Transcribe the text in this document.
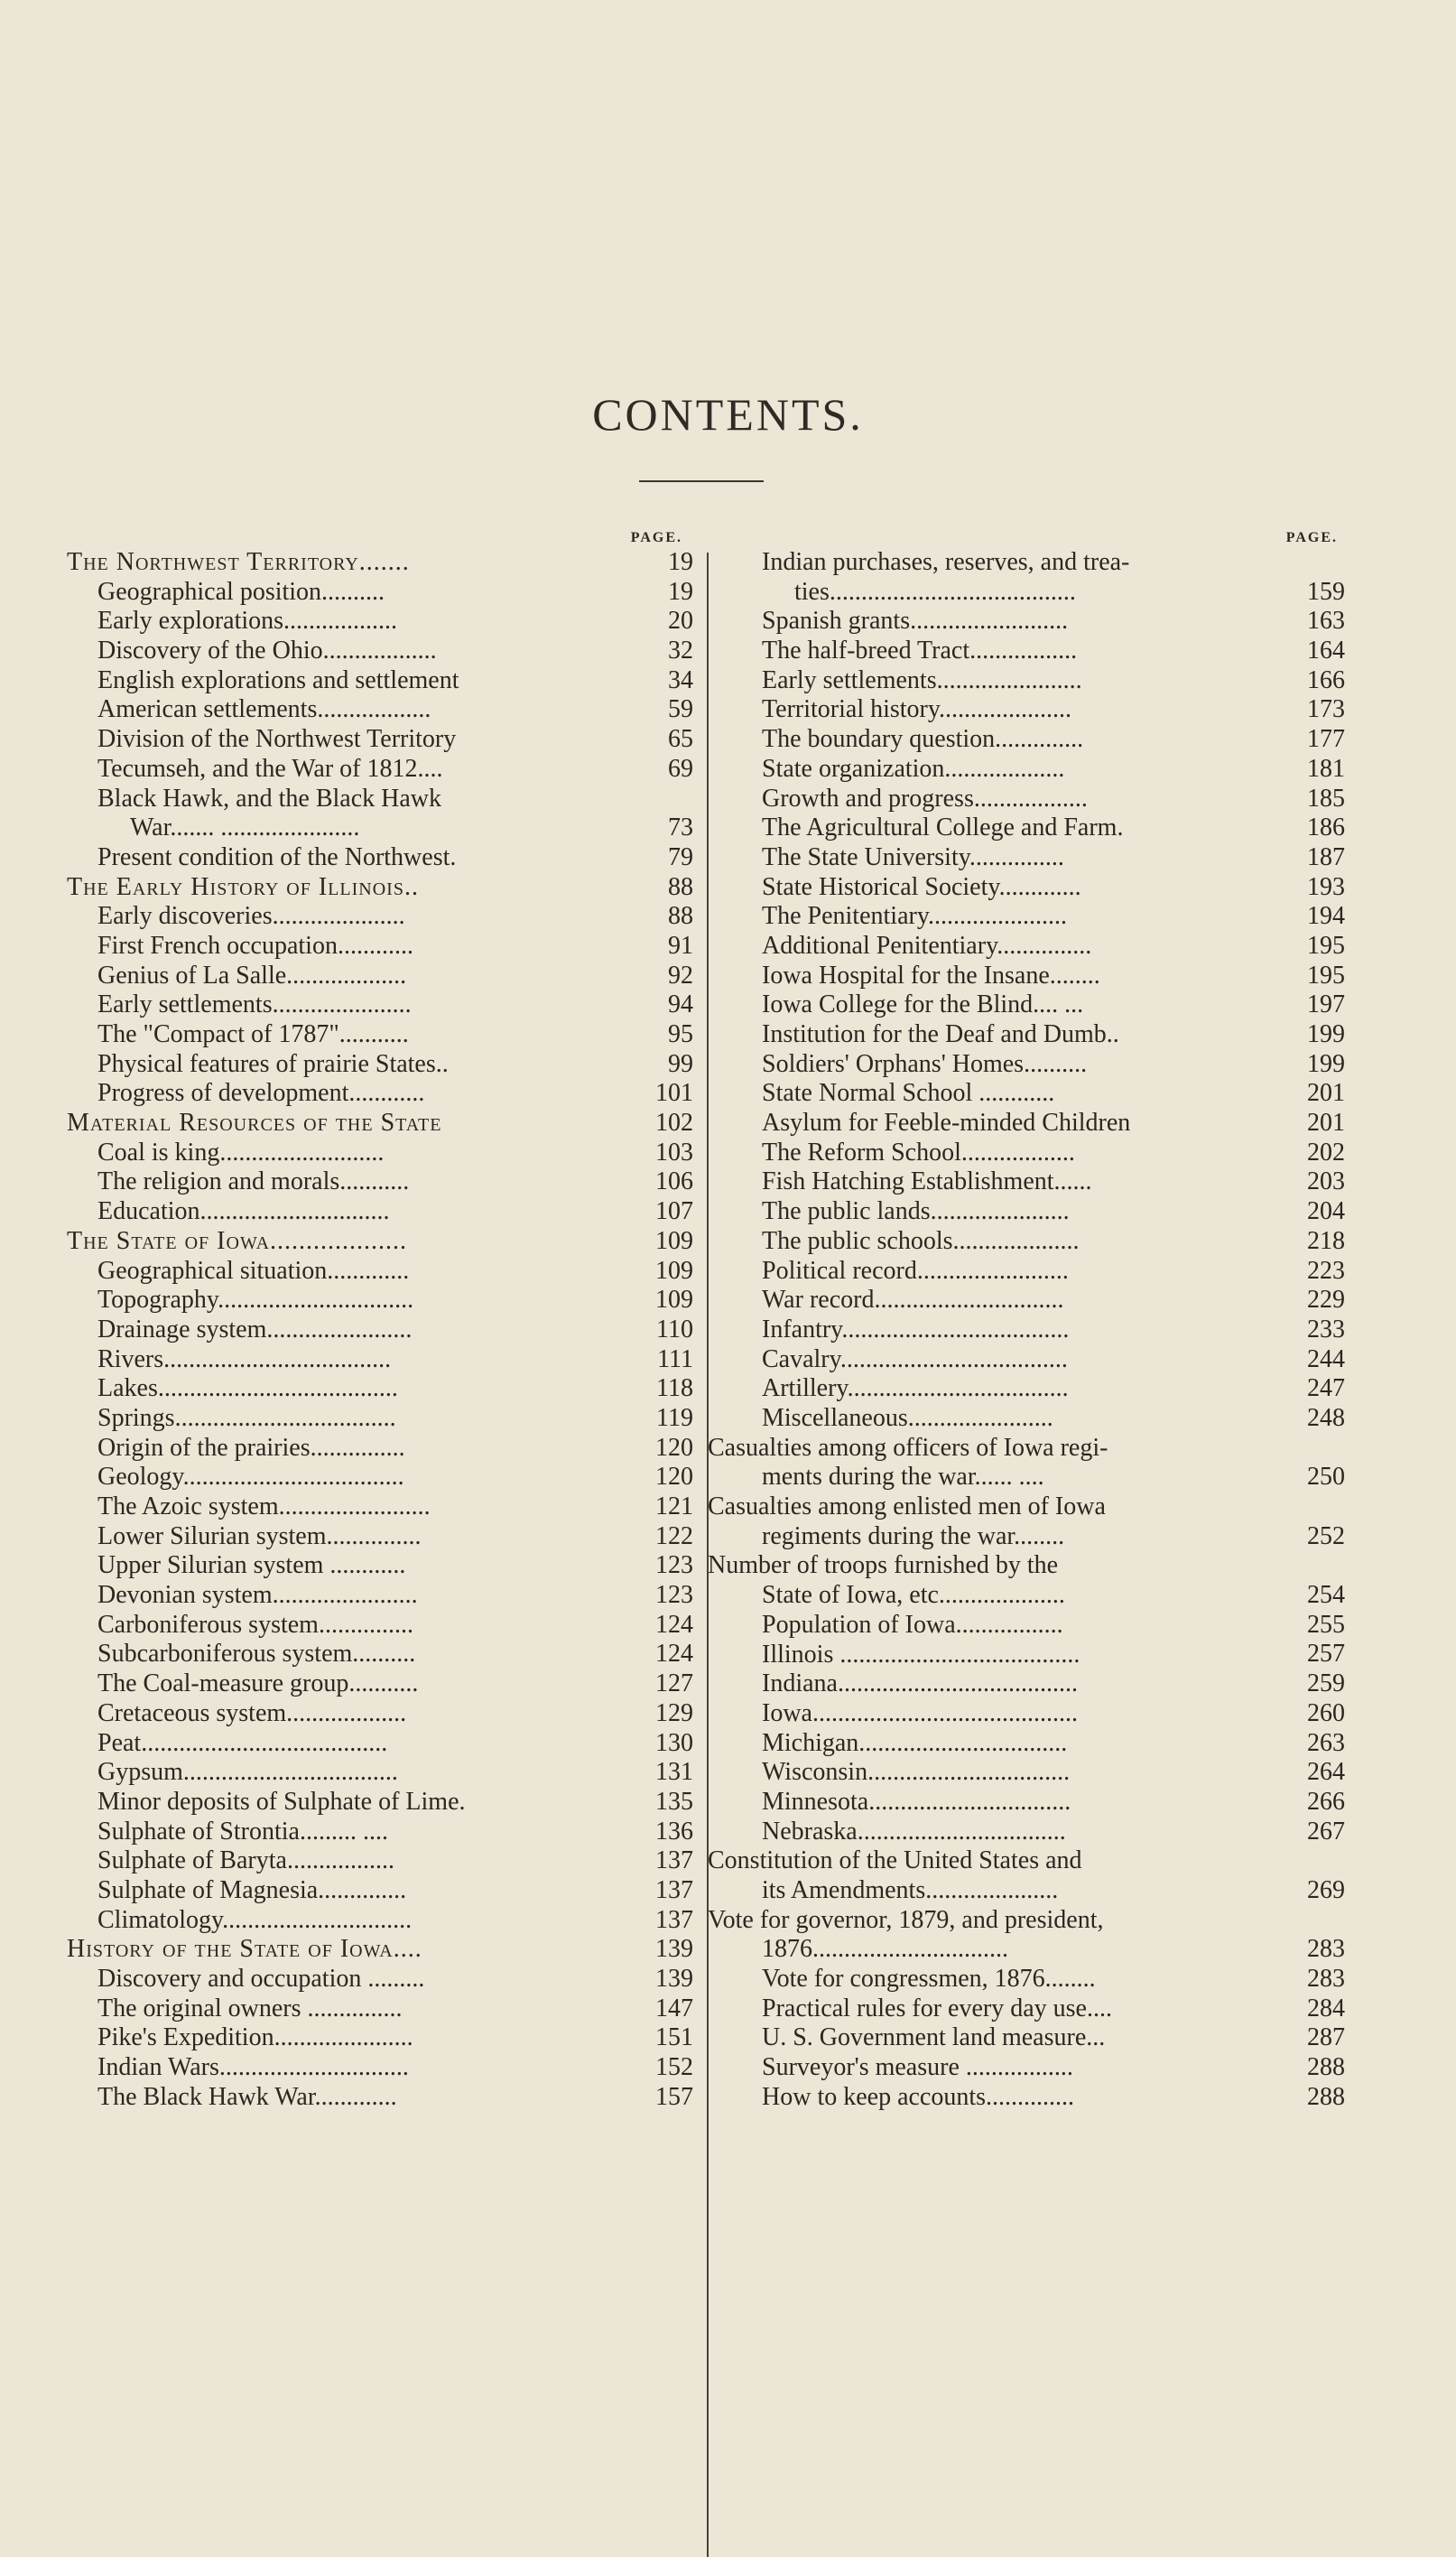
CONTENTS.
PAGE.
The Northwest Territory.......	19
Geographical position..........	19
Early explorations..................	20
Discovery of the Ohio..................	32
English explorations and settlement	34
American settlements..................	59
Division of the Northwest Territory	65
Tecumseh, and the War of 1812....	69
Black Hawk, and the Black Hawk
War....... ......................	73
Present condition of the Northwest.	79
The Early History of Illinois..	88
Early discoveries.....................	88
First French occupation............	91
Genius of La Salle...................	92
Early settlements......................	94
The "Compact of 1787"...........	95
Physical features of prairie States..	99
Progress of development............	101
Material Resources of the State	102
Coal is king..........................	103
The religion and morals...........	106
Education..............................	107
The State of Iowa...................	109
Geographical situation.............	109
Topography...............................	109
Drainage system.......................	110
Rivers....................................	111
Lakes......................................	118
Springs...................................	119
Origin of the prairies...............	120
Geology...................................	120
The Azoic system........................	121
Lower Silurian system...............	122
Upper Silurian system ............	123
Devonian system.......................	123
Carboniferous system...............	124
Subcarboniferous system..........	124
The Coal-measure group...........	127
Cretaceous system...................	129
Peat.......................................	130
Gypsum..................................	131
Minor deposits of Sulphate of Lime.	135
Sulphate of Strontia......... ....	136
Sulphate of Baryta.................	137
Sulphate of Magnesia..............	137
Climatology..............................	137
History of the State of Iowa....	139
Discovery and occupation .........	139
The original owners ...............	147
Pike's Expedition......................	151
Indian Wars..............................	152
The Black Hawk War.............	157
PAGE.
Indian purchases, reserves, and trea-
ties.......................................	159
Spanish grants.........................	163
The half-breed Tract.................	164
Early settlements.......................	166
Territorial history.....................	173
The boundary question..............	177
State organization...................	181
Growth and progress..................	185
The Agricultural College and Farm.	186
The State University...............	187
State Historical Society.............	193
The Penitentiary......................	194
Additional Penitentiary...............	195
Iowa Hospital for the Insane........	195
Iowa College for the Blind.... ...	197
Institution for the Deaf and Dumb..	199
Soldiers' Orphans' Homes..........	199
State Normal School ............	201
Asylum for Feeble-minded Children	201
The Reform School..................	202
Fish Hatching Establishment......	203
The public lands......................	204
The public schools....................	218
Political record........................	223
War record..............................	229
Infantry....................................	233
Cavalry....................................	244
Artillery...................................	247
Miscellaneous.......................	248
Casualties among officers of Iowa regi-
ments during the war...... ....	250
Casualties among enlisted men of Iowa
regiments during the war........	252
Number of troops furnished by the
State of Iowa, etc....................	254
Population of Iowa.................	255
Illinois ......................................	257
Indiana......................................	259
Iowa..........................................	260
Michigan.................................	263
Wisconsin................................	264
Minnesota................................	266
Nebraska.................................	267
Constitution of the United States and
its Amendments.....................	269
Vote for governor, 1879, and president,
1876...............................	283
Vote for congressmen, 1876........	283
Practical rules for every day use....	284
U. S. Government land measure...	287
Surveyor's measure .................	288
How to keep accounts..............	288
